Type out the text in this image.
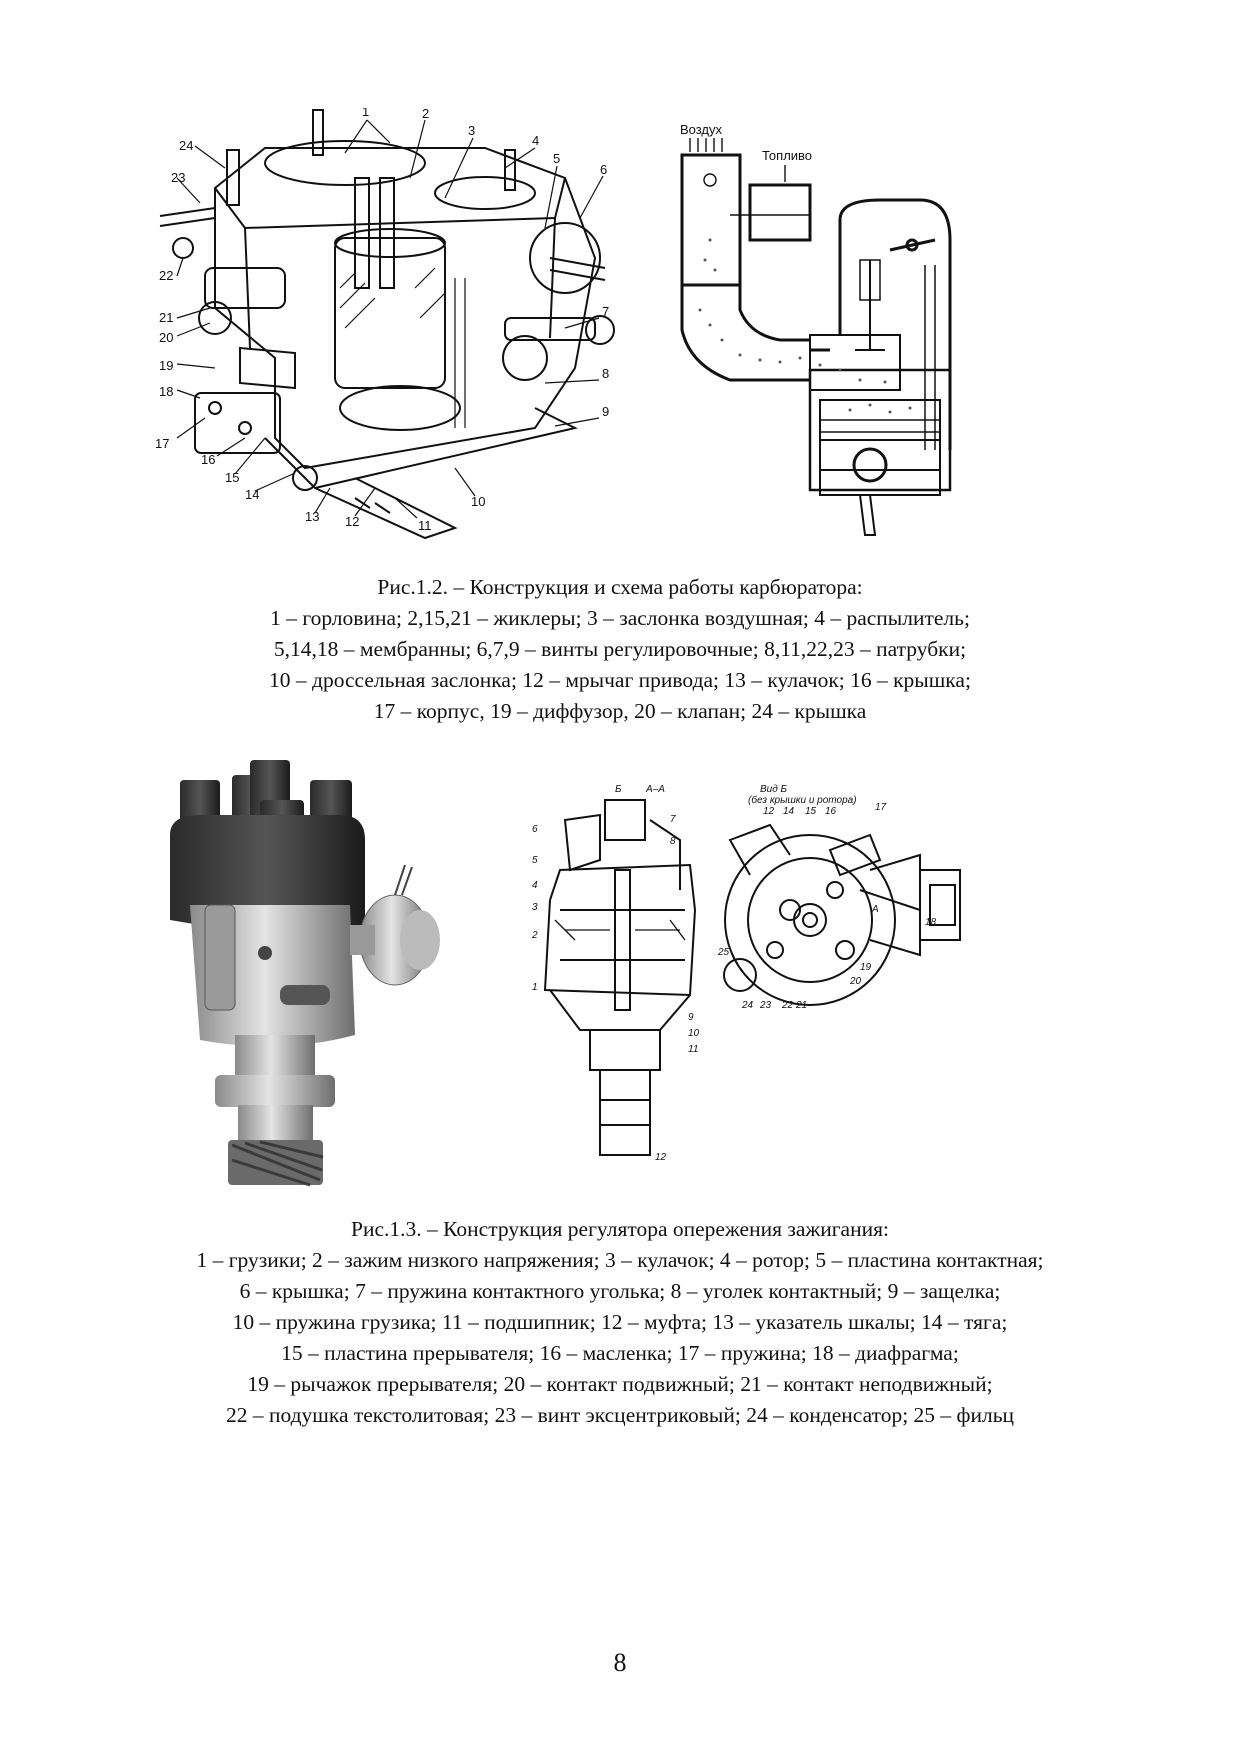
1	2
3
4
5
6
7
8
9
10
11
12
13
14
15
16
17
18
19
20
21
22
23
24
Воздух
Топливо
Рис.1.2. – Конструкция и схема работы карбюратора:
1 – горловина; 2,15,21 – жиклеры; 3 – заслонка воздушная; 4 – распылитель;
5,14,18 – мембранны; 6,7,9 – винты регулировочные; 8,11,22,23 – патрубки;
10 – дроссельная заслонка; 12 – мрычаг привода; 13 – кулачок; 16 – крышка;
17 – корпус, 19 – диффузор, 20 – клапан; 24 – крышка
Б А–А	Вид Б
(без крышки и ротора)
А
6
5
4
3
2
1
7
8
9
10
11
12
12 14 15 16	17
18
19
20
21
22
23
24
25
Рис.1.3. – Конструкция регулятора опережения зажигания:
1 – грузики; 2 – зажим низкого напряжения; 3 – кулачок; 4 – ротор; 5 – пластина контактная;
6 – крышка; 7 – пружина контактного уголька; 8 – уголек контактный; 9 – защелка;
10 – пружина грузика; 11 – подшипник; 12 – муфта; 13 – указатель шкалы; 14 – тяга;
15 – пластина прерывателя; 16 – масленка; 17 – пружина; 18 – диафрагма;
19 – рычажок прерывателя; 20 – контакт подвижный; 21 – контакт неподвижный;
22 – подушка текстолитовая; 23 – винт эксцентриковый; 24 – конденсатор; 25 – фильц
8
